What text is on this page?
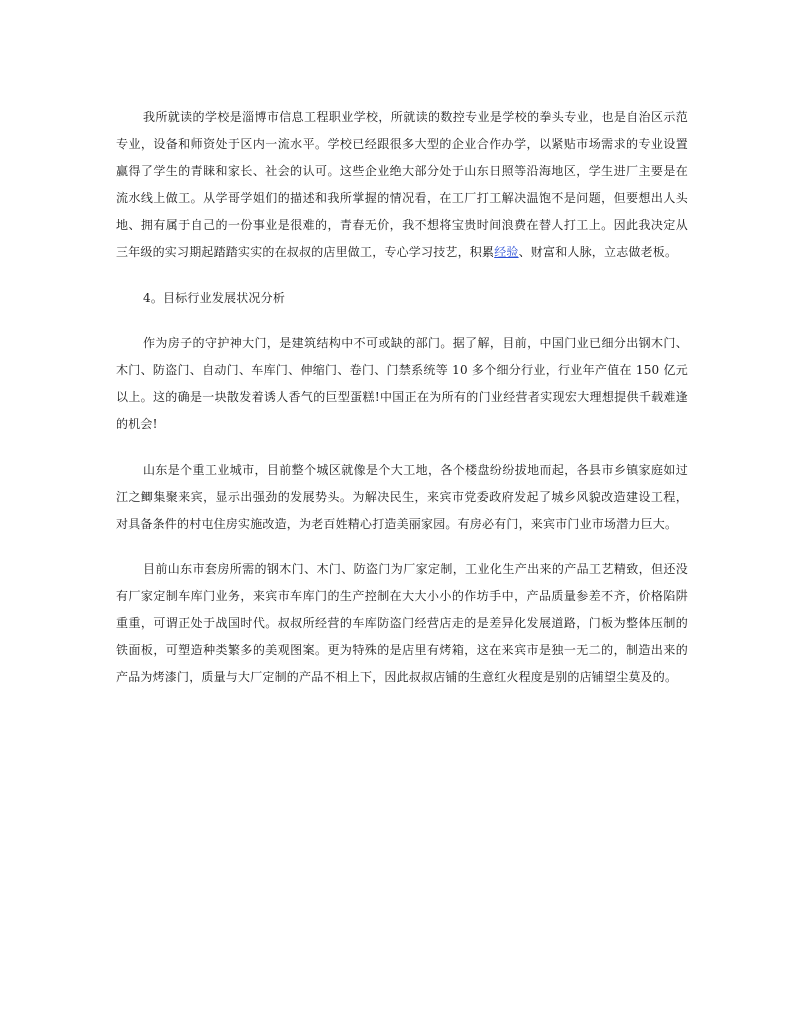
我所就读的学校是淄博市信息工程职业学校，所就读的数控专业是学校的拳头专业，也是自治区示范专业，设备和师资处于区内一流水平。学校已经跟很多大型的企业合作办学，以紧贴市场需求的专业设置赢得了学生的青睐和家长、社会的认可。这些企业绝大部分处于山东日照等沿海地区，学生进厂主要是在流水线上做工。从学哥学姐们的描述和我所掌握的情况看，在工厂打工解决温饱不是问题，但要想出人头地、拥有属于自己的一份事业是很难的，青春无价，我不想将宝贵时间浪费在替人打工上。因此我决定从三年级的实习期起踏踏实实的在叔叔的店里做工，专心学习技艺，积累经验、财富和人脉，立志做老板。

4。目标行业发展状况分析

作为房子的守护神大门，是建筑结构中不可或缺的部门。据了解，目前，中国门业已细分出钢木门、木门、防盗门、自动门、车库门、伸缩门、卷门、门禁系统等 10 多个细分行业，行业年产值在 150 亿元以上。这的确是一块散发着诱人香气的巨型蛋糕!中国正在为所有的门业经营者实现宏大理想提供千载难逢的机会!

山东是个重工业城市，目前整个城区就像是个大工地，各个楼盘纷纷拔地而起，各县市乡镇家庭如过江之鲫集聚来宾，显示出强劲的发展势头。为解决民生，来宾市党委政府发起了城乡风貌改造建设工程，对具备条件的村屯住房实施改造，为老百姓精心打造美丽家园。有房必有门，来宾市门业市场潜力巨大。

目前山东市套房所需的钢木门、木门、防盗门为厂家定制，工业化生产出来的产品工艺精致，但还没有厂家定制车库门业务，来宾市车库门的生产控制在大大小小的作坊手中，产品质量参差不齐，价格陷阱重重，可谓正处于战国时代。叔叔所经营的车库防盗门经营店走的是差异化发展道路，门板为整体压制的铁面板，可塑造种类繁多的美观图案。更为特殊的是店里有烤箱，这在来宾市是独一无二的，制造出来的产品为烤漆门，质量与大厂定制的产品不相上下，因此叔叔店铺的生意红火程度是别的店铺望尘莫及的。
